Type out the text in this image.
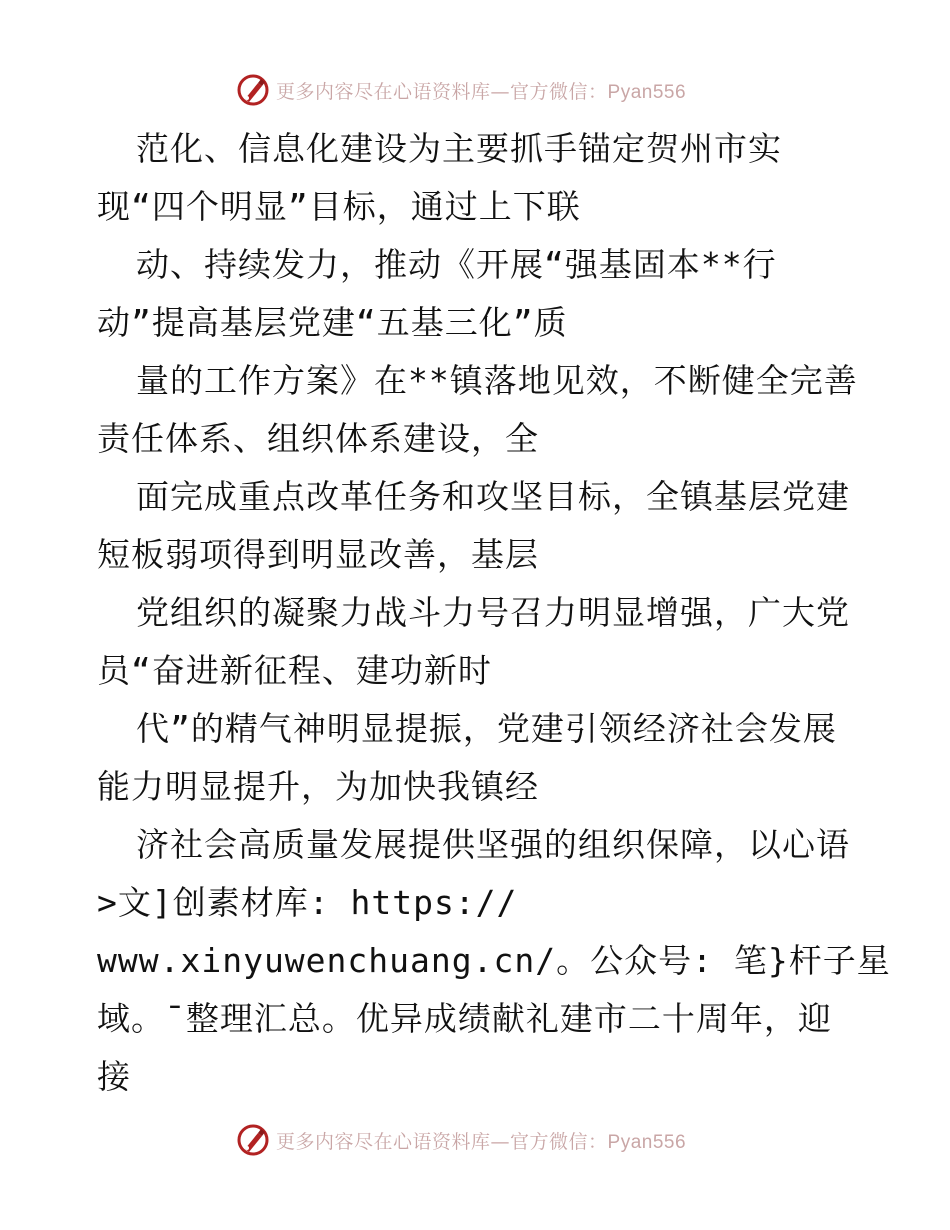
更多内容尽在心语资料库—官方微信：Pyan556
范化、信息化建设为主要抓手锚定贺州市实
现“四个明显”目标，通过上下联
动、持续发力，推动《开展“强基固本**行
动”提高基层党建“五基三化”质
量的工作方案》在**镇落地见效，不断健全完善
责任体系、组织体系建设，全
面完成重点改革任务和攻坚目标，全镇基层党建
短板弱项得到明显改善，基层
党组织的凝聚力战斗力号召力明显增强，广大党
员“奋进新征程、建功新时
代”的精气神明显提振，党建引领经济社会发展
能力明显提升，为加快我镇经
济社会高质量发展提供坚强的组织保障，以心语
>文]创素材库: https://
www.xinyuwenchuang.cn/。公众号: 笔}杆子星
域。¯整理汇总。优异成绩献礼建市二十周年，迎
接
更多内容尽在心语资料库—官方微信：Pyan556
